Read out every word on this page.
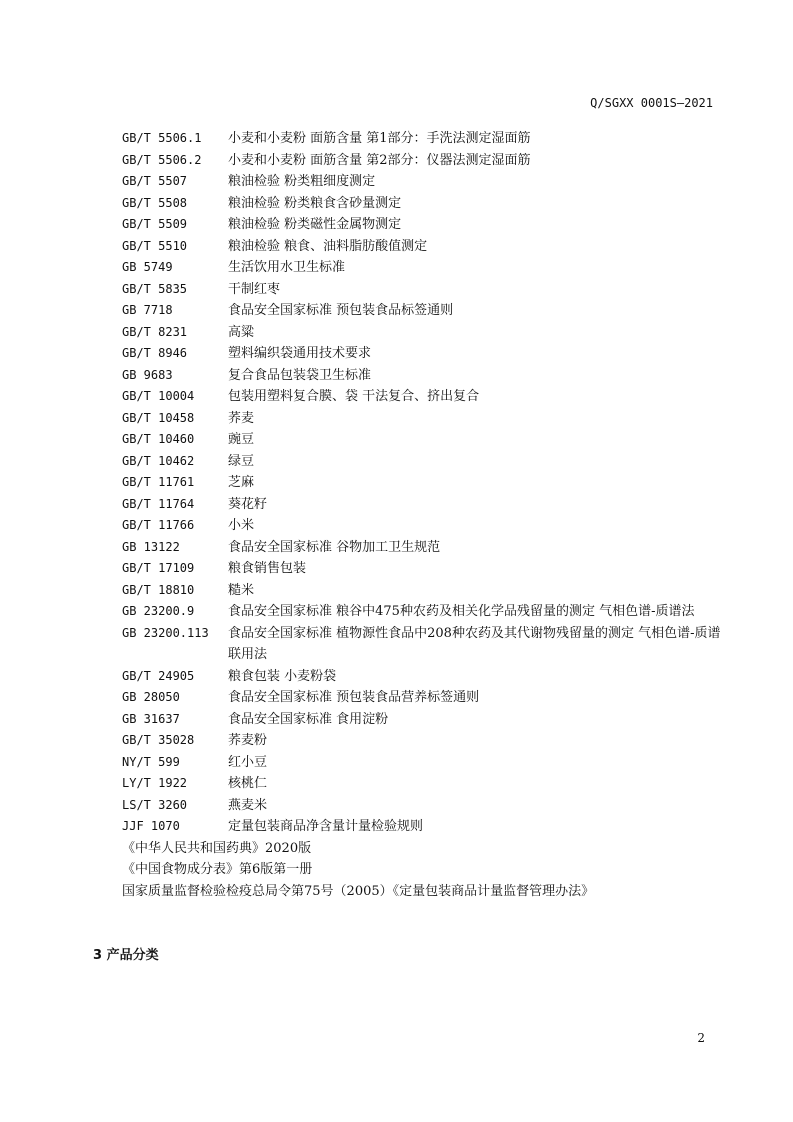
Q/SGXX 0001S—2021
GB/T 5506.1	小麦和小麦粉 面筋含量 第1部分：手洗法测定湿面筋
GB/T 5506.2	小麦和小麦粉 面筋含量 第2部分：仪器法测定湿面筋
GB/T 5507	粮油检验 粉类粗细度测定
GB/T 5508	粮油检验 粉类粮食含砂量测定
GB/T 5509	粮油检验 粉类磁性金属物测定
GB/T 5510	粮油检验 粮食、油料脂肪酸值测定
GB 5749	生活饮用水卫生标准
GB/T 5835	干制红枣
GB 7718	食品安全国家标准 预包装食品标签通则
GB/T 8231	高粱
GB/T 8946	塑料编织袋通用技术要求
GB 9683	复合食品包装袋卫生标准
GB/T 10004	包装用塑料复合膜、袋 干法复合、挤出复合
GB/T 10458	荞麦
GB/T 10460	豌豆
GB/T 10462	绿豆
GB/T 11761	芝麻
GB/T 11764	葵花籽
GB/T 11766	小米
GB 13122	食品安全国家标准 谷物加工卫生规范
GB/T 17109	粮食销售包装
GB/T 18810	糙米
GB 23200.9	食品安全国家标准 粮谷中475种农药及相关化学品残留量的测定 气相色谱-质谱法
GB 23200.113	食品安全国家标准 植物源性食品中208种农药及其代谢物残留量的测定 气相色谱-质谱联用法
GB/T 24905	粮食包装 小麦粉袋
GB 28050	食品安全国家标准 预包装食品营养标签通则
GB 31637	食品安全国家标准 食用淀粉
GB/T 35028	荞麦粉
NY/T 599	红小豆
LY/T 1922	核桃仁
LS/T 3260	燕麦米
JJF 1070	定量包装商品净含量计量检验规则
《中华人民共和国药典》2020版
《中国食物成分表》第6版第一册
国家质量监督检验检疫总局令第75号（2005）《定量包装商品计量监督管理办法》
3 产品分类
2
